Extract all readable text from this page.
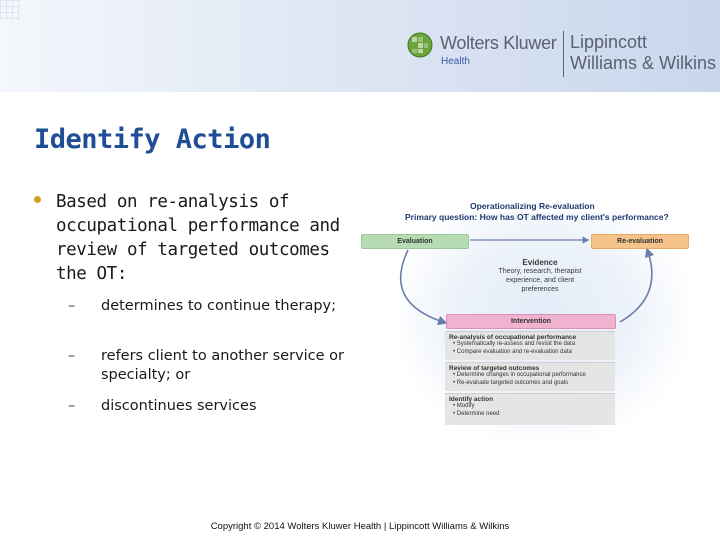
Wolters Kluwer
Health
Lippincott
Williams & Wilkins
Identify Action
Based on re-analysis of occupational performance and review of targeted outcomes the OT:
– determines to continue therapy;
– refers client to another service or specialty; or
– discontinues services
Operationalizing Re-evaluation
Primary question: How has OT affected my client's performance?
Evaluation	Re-evaluation
Evidence
Theory, research, therapist experience, and client preferences
Intervention
Re-analysis of occupational performance
• Systematically re-assess and revisit the data
• Compare evaluation and re-evaluation data
Review of targeted outcomes
• Determine changes in occupational performance
• Re-evaluate targeted outcomes and goals
Identify action
• Modify
• Determine need
Copyright © 2014 Wolters Kluwer Health | Lippincott Williams & Wilkins
